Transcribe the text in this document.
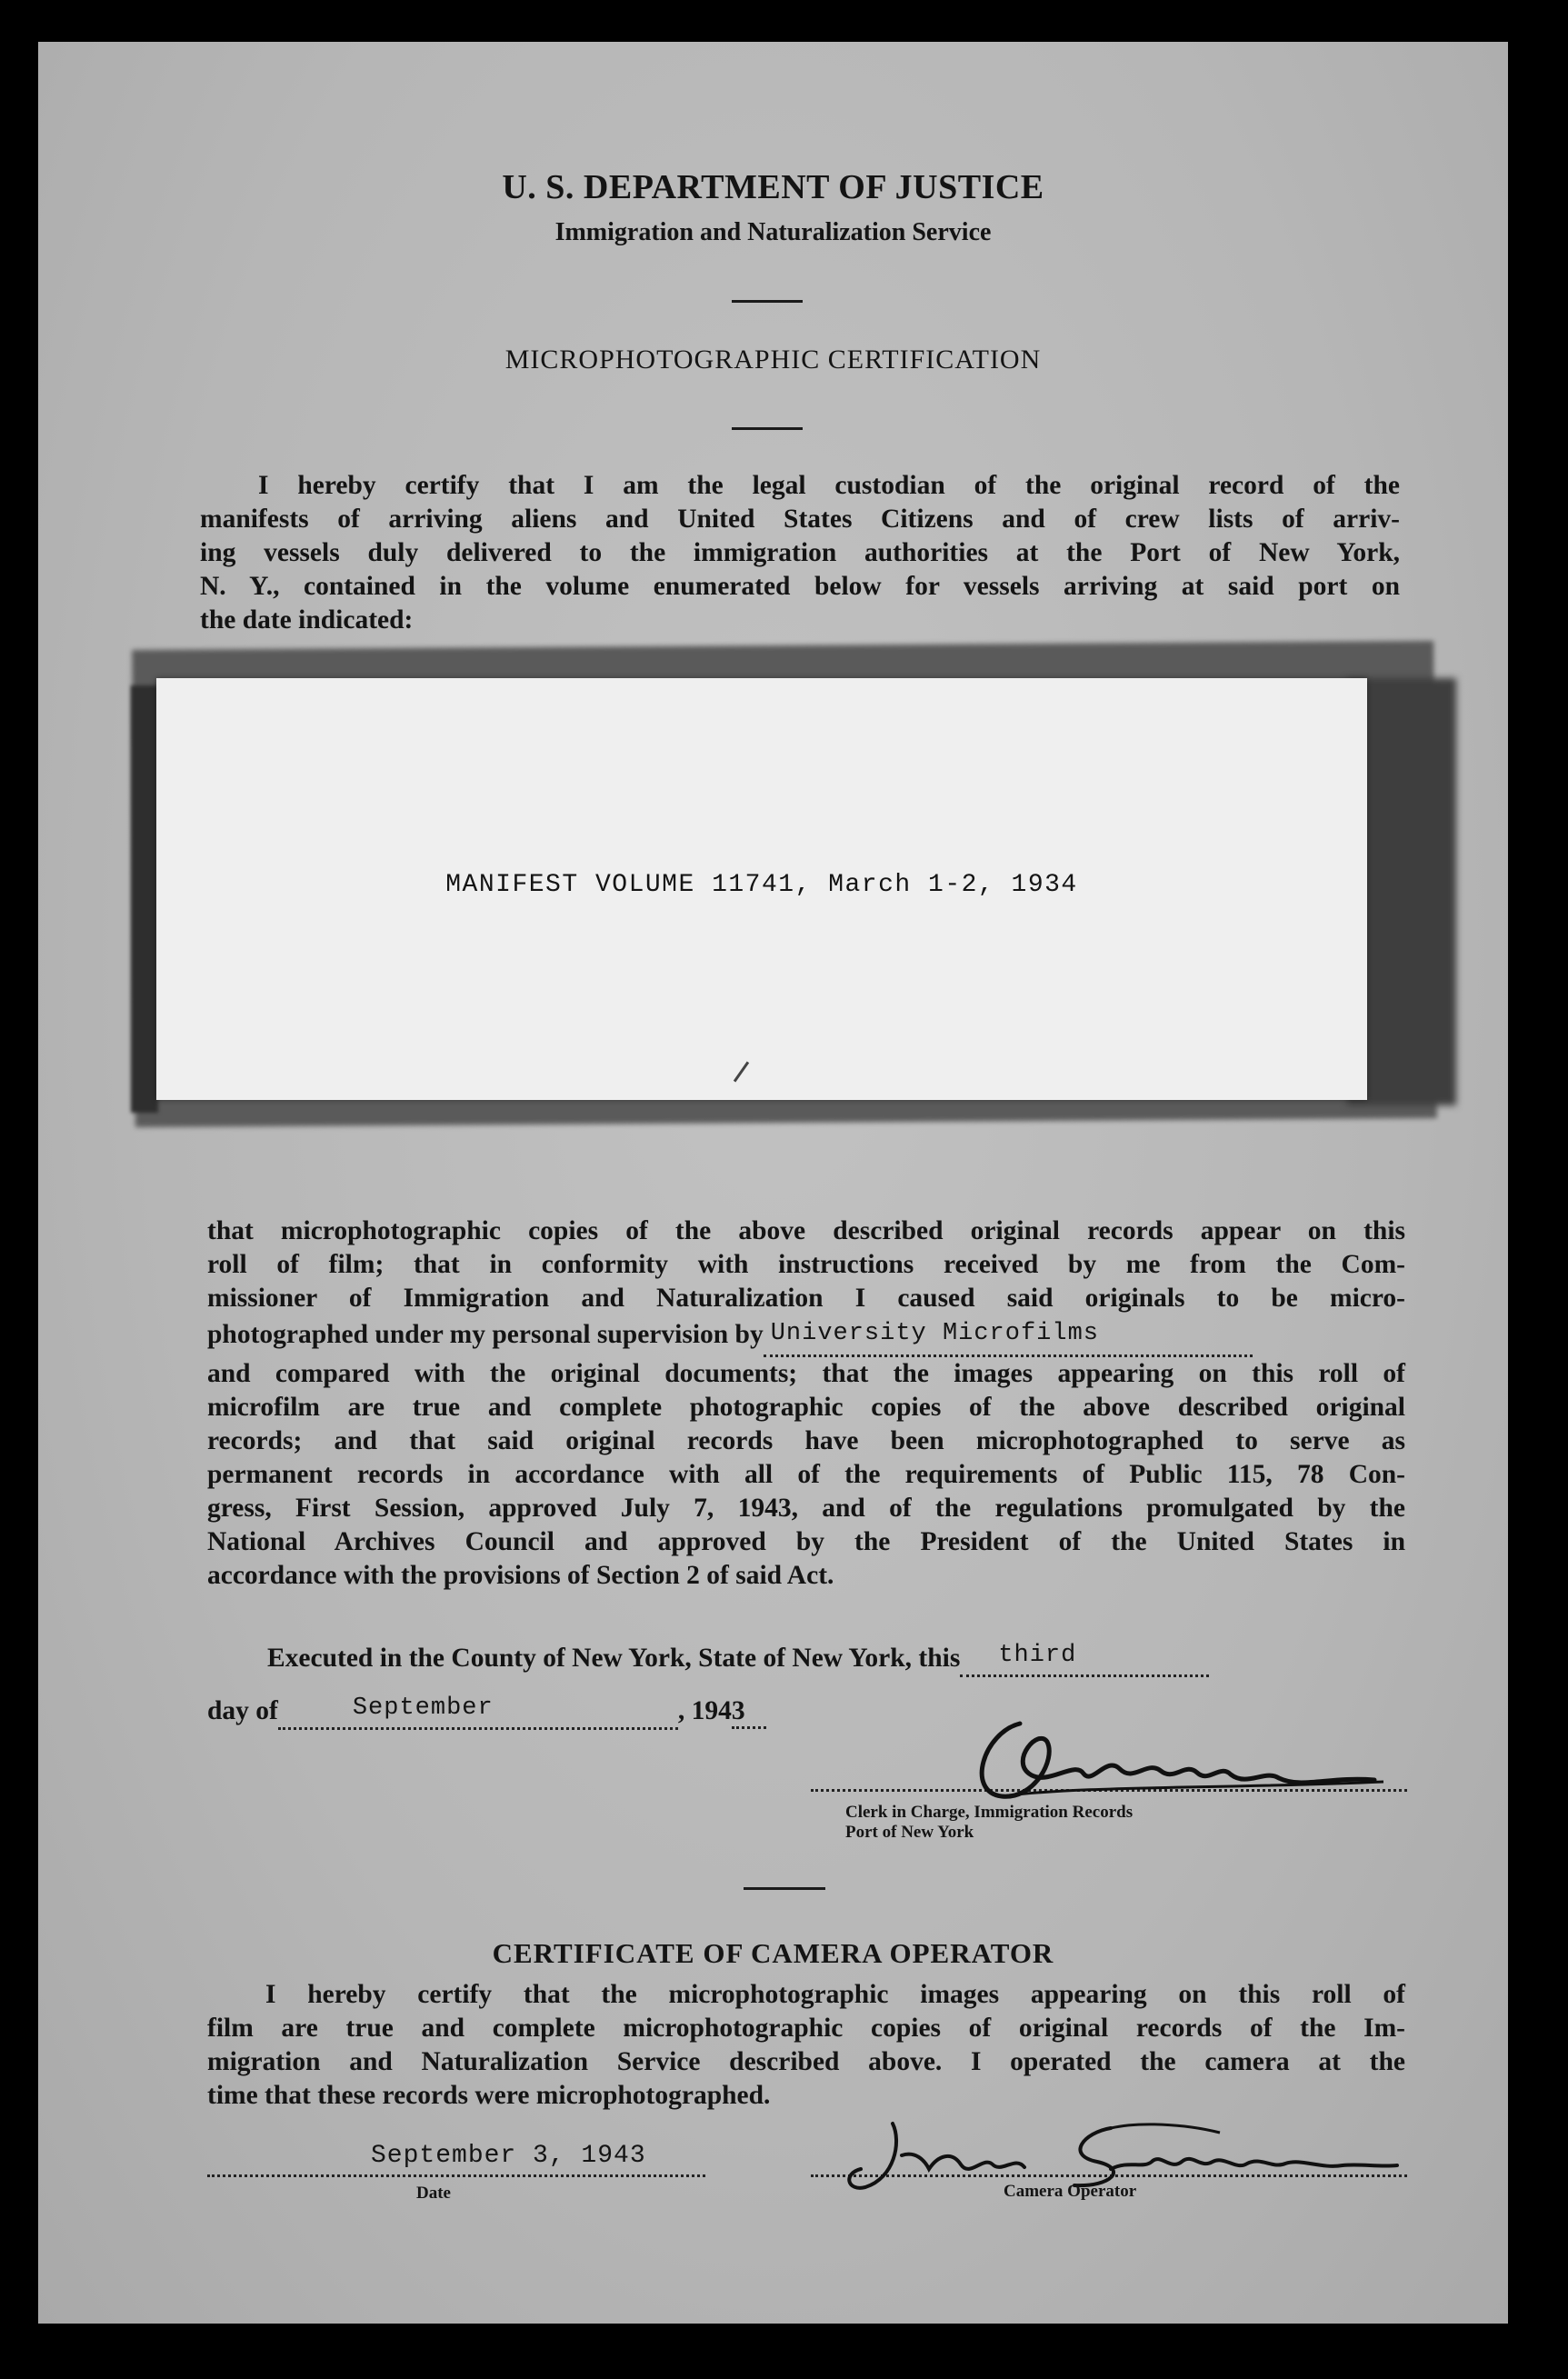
U. S. DEPARTMENT OF JUSTICE
Immigration and Naturalization Service
MICROPHOTOGRAPHIC CERTIFICATION

I hereby certify that I am the legal custodian of the original record of the

manifests of arriving aliens and United States Citizens and of crew lists of arriv-

ing vessels duly delivered to the immigration authorities at the Port of New York,

N. Y., contained in the volume enumerated below for vessels arriving at said port on

the date indicated:

MANIFEST VOLUME 11741, March 1-2, 1934

that microphotographic copies of the above described original records appear on this

roll of film; that in conformity with instructions received by me from the Com-

missioner of Immigration and Naturalization I caused said originals to be micro-

photographed under my personal supervision by University Microfilms

and compared with the original documents; that the images appearing on this roll of

microfilm are true and complete photographic copies of the above described original

records; and that said original records have been microphotographed to serve as

permanent records in accordance with all of the requirements of Public 115, 78 Con-

gress, First Session, approved July 7, 1943, and of the regulations promulgated by the

National Archives Council and approved by the President of the United States in

accordance with the provisions of Section 2 of said Act.

Executed in the County of New York, State of New York, this third
day of	September	, 1943
Clerk in Charge, Immigration Records
Port of New York
CERTIFICATE OF CAMERA OPERATOR

I hereby certify that the microphotographic images appearing on this roll of

film are true and complete microphotographic copies of original records of the Im-

migration and Naturalization Service described above. I operated the camera at the

time that these records were microphotographed.

September 3, 1943
Date	Camera Operator
